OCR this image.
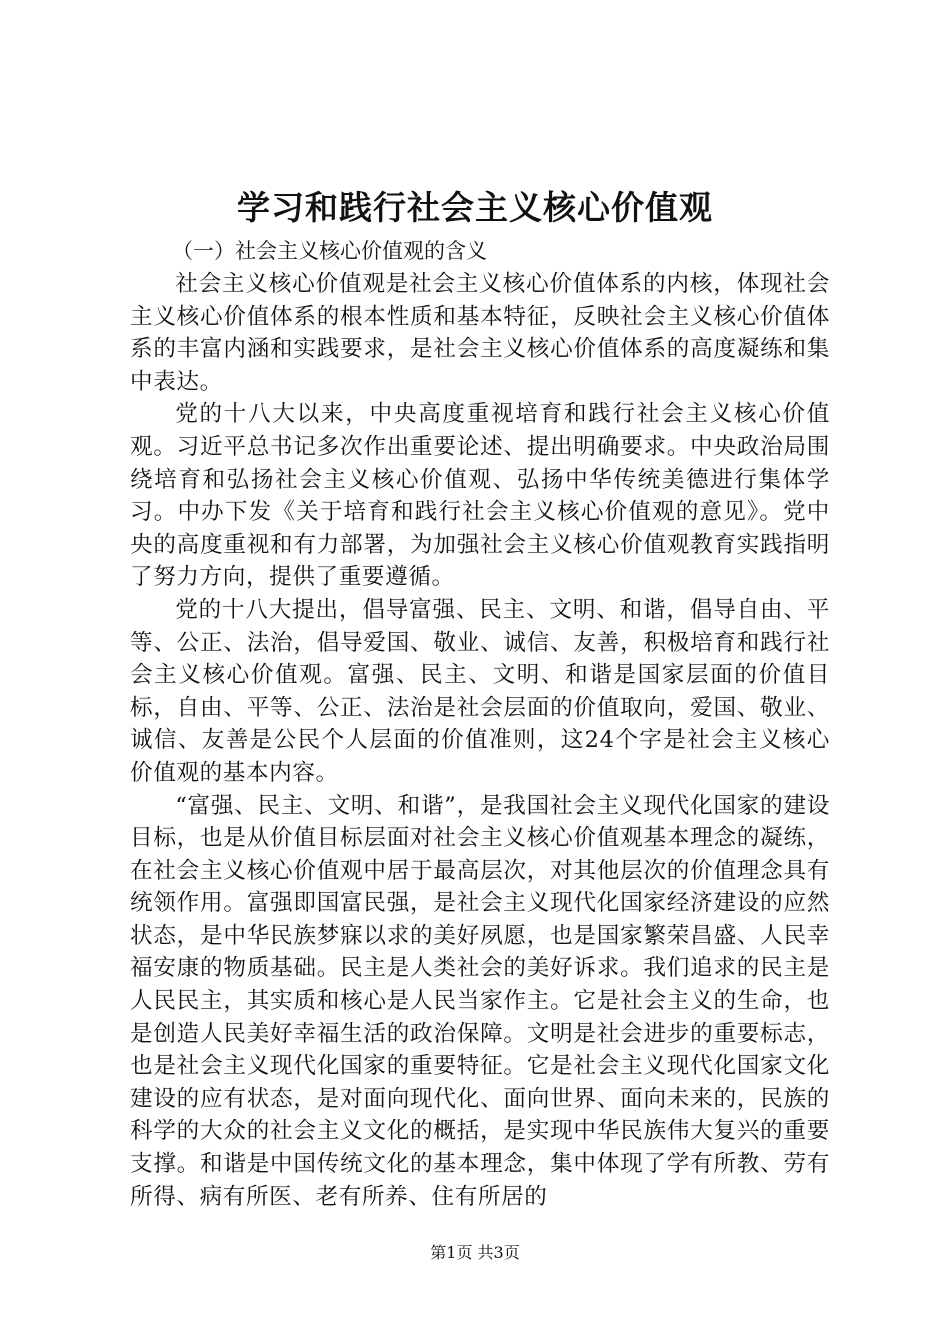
学习和践行社会主义核心价值观
（一）社会主义核心价值观的含义

社会主义核心价值观是社会主义核心价值体系的内核，体现社会主义核心价值体系的根本性质和基本特征，反映社会主义核心价值体系的丰富内涵和实践要求，是社会主义核心价值体系的高度凝练和集中表达。

党的十八大以来，中央高度重视培育和践行社会主义核心价值观。习近平总书记多次作出重要论述、提出明确要求。中央政治局围绕培育和弘扬社会主义核心价值观、弘扬中华传统美德进行集体学习。中办下发《关于培育和践行社会主义核心价值观的意见》。党中央的高度重视和有力部署，为加强社会主义核心价值观教育实践指明了努力方向，提供了重要遵循。

党的十八大提出，倡导富强、民主、文明、和谐，倡导自由、平等、公正、法治，倡导爱国、敬业、诚信、友善，积极培育和践行社会主义核心价值观。富强、民主、文明、和谐是国家层面的价值目标，自由、平等、公正、法治是社会层面的价值取向，爱国、敬业、诚信、友善是公民个人层面的价值准则，这24个字是社会主义核心价值观的基本内容。

“富强、民主、文明、和谐”，是我国社会主义现代化国家的建设目标，也是从价值目标层面对社会主义核心价值观基本理念的凝练，在社会主义核心价值观中居于最高层次，对其他层次的价值理念具有统领作用。富强即国富民强，是社会主义现代化国家经济建设的应然状态，是中华民族梦寐以求的美好夙愿，也是国家繁荣昌盛、人民幸福安康的物质基础。民主是人类社会的美好诉求。我们追求的民主是人民民主，其实质和核心是人民当家作主。它是社会主义的生命，也是创造人民美好幸福生活的政治保障。文明是社会进步的重要标志，也是社会主义现代化国家的重要特征。它是社会主义现代化国家文化建设的应有状态，是对面向现代化、面向世界、面向未来的，民族的科学的大众的社会主义文化的概括，是实现中华民族伟大复兴的重要支撑。和谐是中国传统文化的基本理念，集中体现了学有所教、劳有所得、病有所医、老有所养、住有所居的

第1页 共3页
